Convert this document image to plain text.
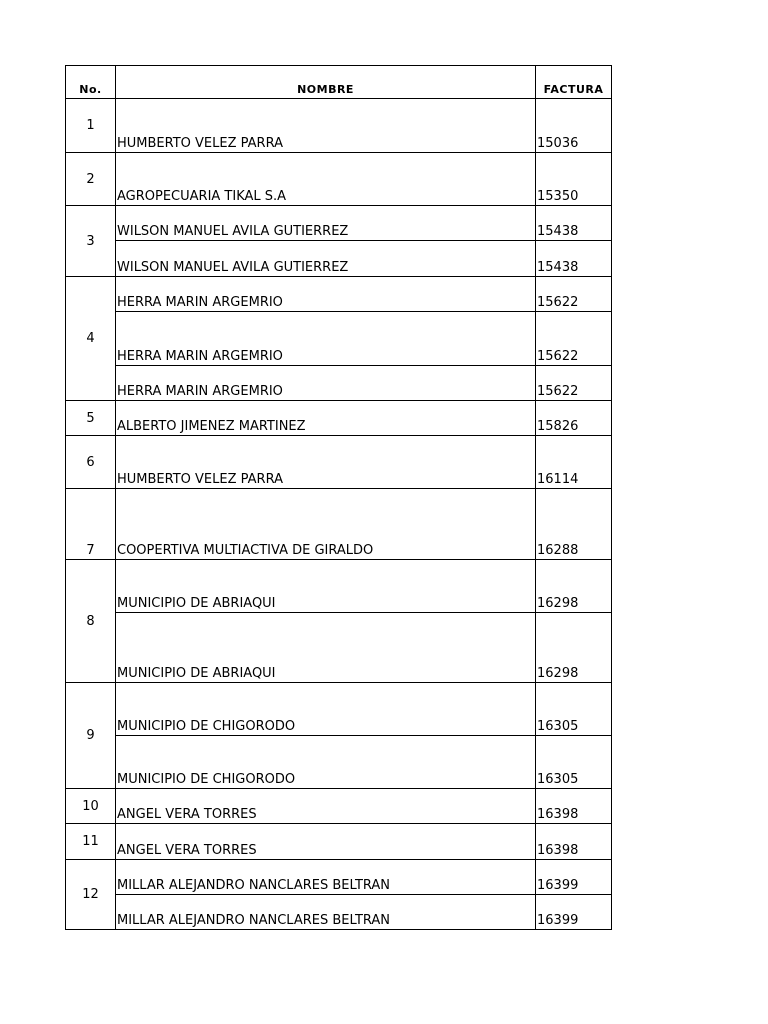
No.	NOMBRE	FACTURA
1	HUMBERTO VELEZ PARRA	15036
2	AGROPECUARIA TIKAL S.A	15350
3	WILSON MANUEL AVILA GUTIERREZ	15438
	WILSON MANUEL AVILA GUTIERREZ	15438
4	HERRA MARIN ARGEMRIO	15622
	HERRA MARIN ARGEMRIO	15622
	HERRA MARIN ARGEMRIO	15622
5	ALBERTO JIMENEZ MARTINEZ	15826
6	HUMBERTO VELEZ PARRA	16114
7	COOPERTIVA MULTIACTIVA DE GIRALDO	16288
8	MUNICIPIO DE ABRIAQUI	16298
	MUNICIPIO DE ABRIAQUI	16298
9	MUNICIPIO DE CHIGORODO	16305
	MUNICIPIO DE CHIGORODO	16305
10	ANGEL VERA TORRES	16398
11	ANGEL VERA TORRES	16398
12	MILLAR ALEJANDRO NANCLARES BELTRAN	16399
	MILLAR ALEJANDRO NANCLARES BELTRAN	16399
